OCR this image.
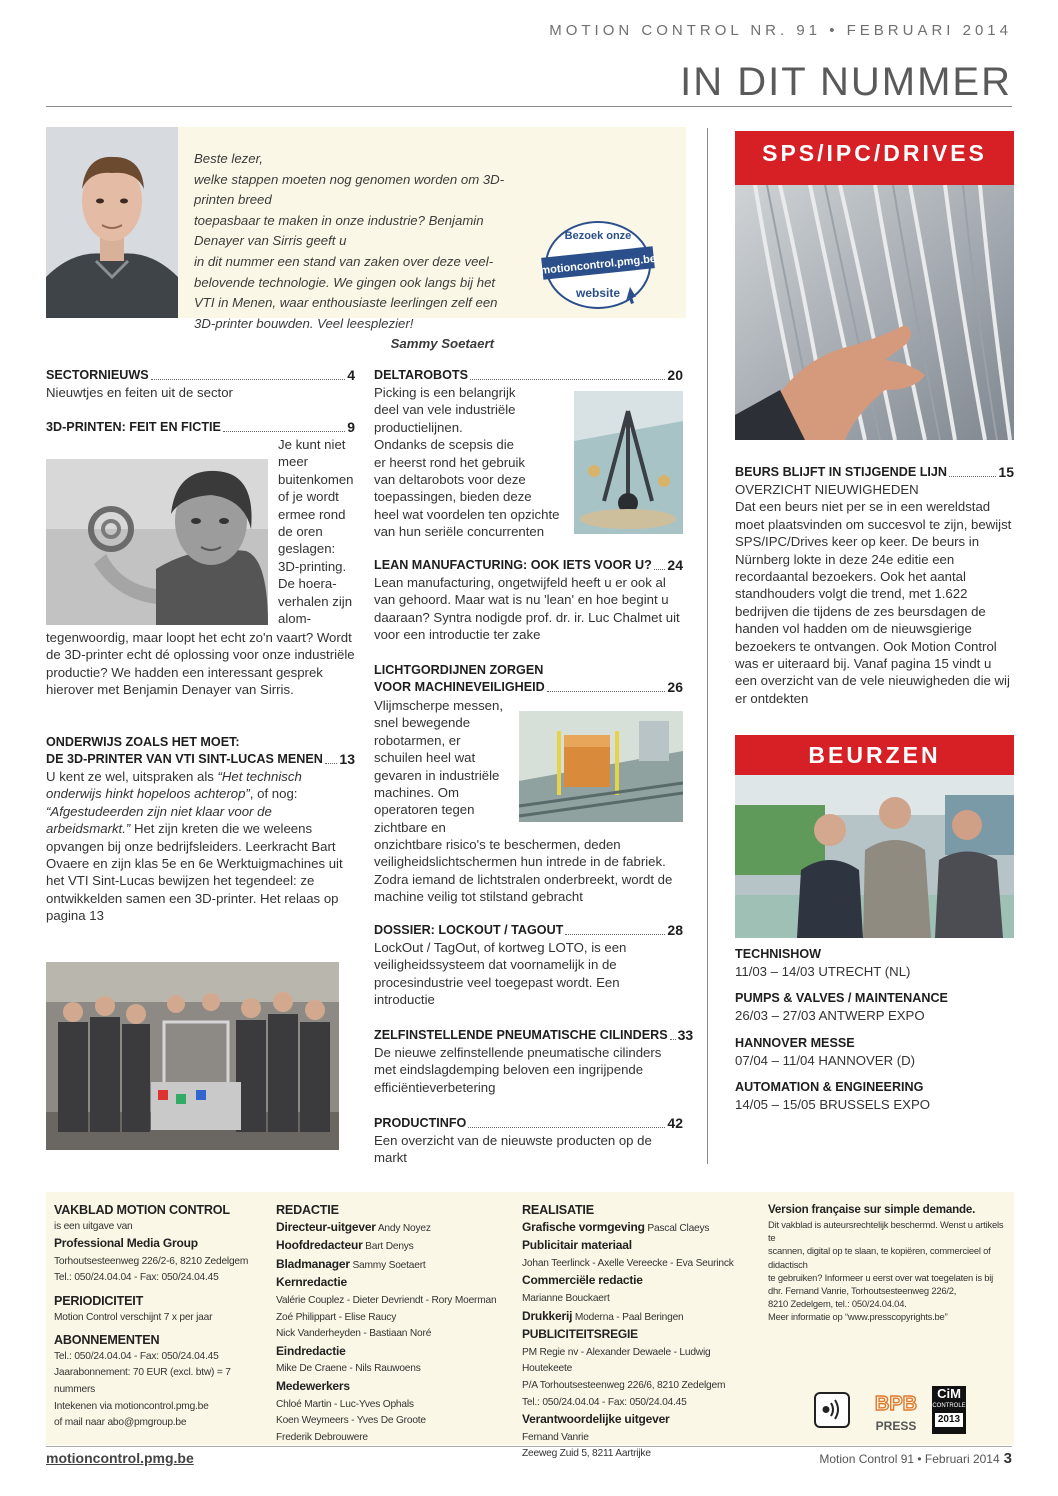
MOTION CONTROL NR. 91 • FEBRUARI 2014
IN DIT NUMMER
Beste lezer,
welke stappen moeten nog genomen worden om 3D-printen breed
toepasbaar te maken in onze industrie? Benjamin Denayer van Sirris geeft u
in dit nummer een stand van zaken over deze veel-
belovende technologie. We gingen ook langs bij het
VTI in Menen, waar enthousiaste leerlingen zelf een
3D-printer bouwden. Veel leesplezier!
Sammy Soetaert
Bezoek onze
motioncontrol.pmg.be
website
SPS/IPC/DRIVES
BEURZEN
SECTORNIEUWS	4
Nieuwtjes en feiten uit de sector
3D-PRINTEN: FEIT EN FICTIE	9
Je kunt niet
meer
buitenkomen
of je wordt
ermee rond
de oren
geslagen:
3D-printing.
De hoera-
verhalen zijn
alom-
tegenwoordig, maar loopt het echt zo'n vaart? Wordt de 3D-printer echt dé oplossing voor onze industriële productie? We hadden een interessant gesprek hierover met Benjamin Denayer van Sirris.
ONDERWIJS ZOALS HET MOET:
DE 3D-PRINTER VAN VTI SINT-LUCAS MENEN 13
U kent ze wel, uitspraken als “Het technisch onderwijs hinkt hopeloos achterop”, of nog: “Afgestudeerden zijn niet klaar voor de arbeidsmarkt.” Het zijn kreten die we weleens opvangen bij onze bedrijfsleiders. Leerkracht Bart Ovaere en zijn klas 5e en 6e Werktuigmachines uit het VTI Sint-Lucas bewijzen het tegendeel: ze ontwikkelden samen een 3D-printer. Het relaas op pagina 13
DELTAROBOTS	20
Picking is een belangrijk
deel van vele industriële
productielijnen.
Ondanks de scepsis die
er heerst rond het gebruik
van deltarobots voor deze
toepassingen, bieden deze
heel wat voordelen ten opzichte
van hun seriële concurrenten
LEAN MANUFACTURING: OOK IETS VOOR U? 24
Lean manufacturing, ongetwijfeld heeft u er ook al van gehoord. Maar wat is nu 'lean' en hoe begint u daaraan? Syntra nodigde prof. dr. ir. Luc Chalmet uit voor een introductie ter zake
LICHTGORDIJNEN ZORGEN
VOOR MACHINEVEILIGHEID	26
Vlijmscherpe messen,
snel bewegende
robotarmen, er
schuilen heel wat
gevaren in industriële
machines. Om
operatoren tegen
zichtbare en
onzichtbare risico's te beschermen, deden veiligheidslichtschermen hun intrede in de fabriek. Zodra iemand de lichtstralen onderbreekt, wordt de machine veilig tot stilstand gebracht
DOSSIER: LOCKOUT / TAGOUT	28
LockOut / TagOut, of kortweg LOTO, is een veiligheidssysteem dat voornamelijk in de procesindustrie veel toegepast wordt. Een introductie
ZELFINSTELLENDE PNEUMATISCHE CILINDERS 33
De nieuwe zelfinstellende pneumatische cilinders met eindslagdemping beloven een ingrijpende efficiëntieverbetering
PRODUCTINFO	42
Een overzicht van de nieuwste producten op de markt
BEURS BLIJFT IN STIJGENDE LIJN	15
OVERZICHT NIEUWIGHEDEN
Dat een beurs niet per se in een wereldstad moet plaatsvinden om succesvol te zijn, bewijst SPS/IPC/Drives keer op keer. De beurs in Nürnberg lokte in deze 24e editie een recordaantal bezoekers. Ook het aantal standhouders volgt die trend, met 1.622 bedrijven die tijdens de zes beursdagen de handen vol hadden om de nieuwsgierige bezoekers te ontvangen. Ook Motion Control was er uiteraard bij. Vanaf pagina 15 vindt u een overzicht van de vele nieuwigheden die wij er ontdekten
TECHNISHOW
11/03 – 14/03 UTRECHT (NL)
PUMPS & VALVES / MAINTENANCE
26/03 – 27/03 ANTWERP EXPO
HANNOVER MESSE
07/04 – 11/04 HANNOVER (D)
AUTOMATION & ENGINEERING
14/05 – 15/05 BRUSSELS EXPO
VAKBLAD MOTION CONTROL
is een uitgave van
Professional Media Group
Torhoutsesteenweg 226/2-6, 8210 Zedelgem
Tel.: 050/24.04.04 - Fax: 050/24.04.45
PERIODICITEIT
Motion Control verschijnt 7 x per jaar
ABONNEMENTEN
Tel.: 050/24.04.04 - Fax: 050/24.04.45
Jaarabonnement: 70 EUR (excl. btw) = 7 nummers
Intekenen via motioncontrol.pmg.be
of mail naar abo@pmgroup.be
REDACTIE
Directeur-uitgever Andy Noyez
Hoofdredacteur Bart Denys
Bladmanager Sammy Soetaert
Kernredactie
Valérie Couplez - Dieter Devriendt - Rory Moerman
Zoé Philippart - Elise Raucy
Nick Vanderheyden - Bastiaan Noré
Eindredactie
Mike De Craene - Nils Rauwoens
Medewerkers
Chloé Martin - Luc-Yves Ophals
Koen Weymeers - Yves De Groote
Frederik Debrouwere
REALISATIE
Grafische vormgeving Pascal Claeys
Publicitair materiaal
Johan Teerlinck - Axelle Vereecke - Eva Seurinck
Commerciële redactie
Marianne Bouckaert
Drukkerij Moderna - Paal Beringen
PUBLICITEITSREGIE
PM Regie nv - Alexander Dewaele - Ludwig Houtekeete
P/A Torhoutsesteenweg 226/6, 8210 Zedelgem
Tel.: 050/24.04.04 - Fax: 050/24.04.45
Verantwoordelijke uitgever
Fernand Vanrie
Zeeweg Zuid 5, 8211 Aartrijke
Version française sur simple demande.
Dit vakblad is auteursrechtelijk beschermd. Wenst u artikels te
scannen, digital op te slaan, te kopiëren, commercieel of didactisch
te gebruiken? Informeer u eerst over wat toegelaten is bij
dhr. Fernand Vanrie, Torhoutsesteenweg 226/2,
8210 Zedelgem, tel.: 050/24.04.04.
Meer informatie op “www.presscopyrights.be”
BPB
PRESS
CiM
CONTROLE
2013
motioncontrol.pmg.be	Motion Control 91 • Februari 2014 3
